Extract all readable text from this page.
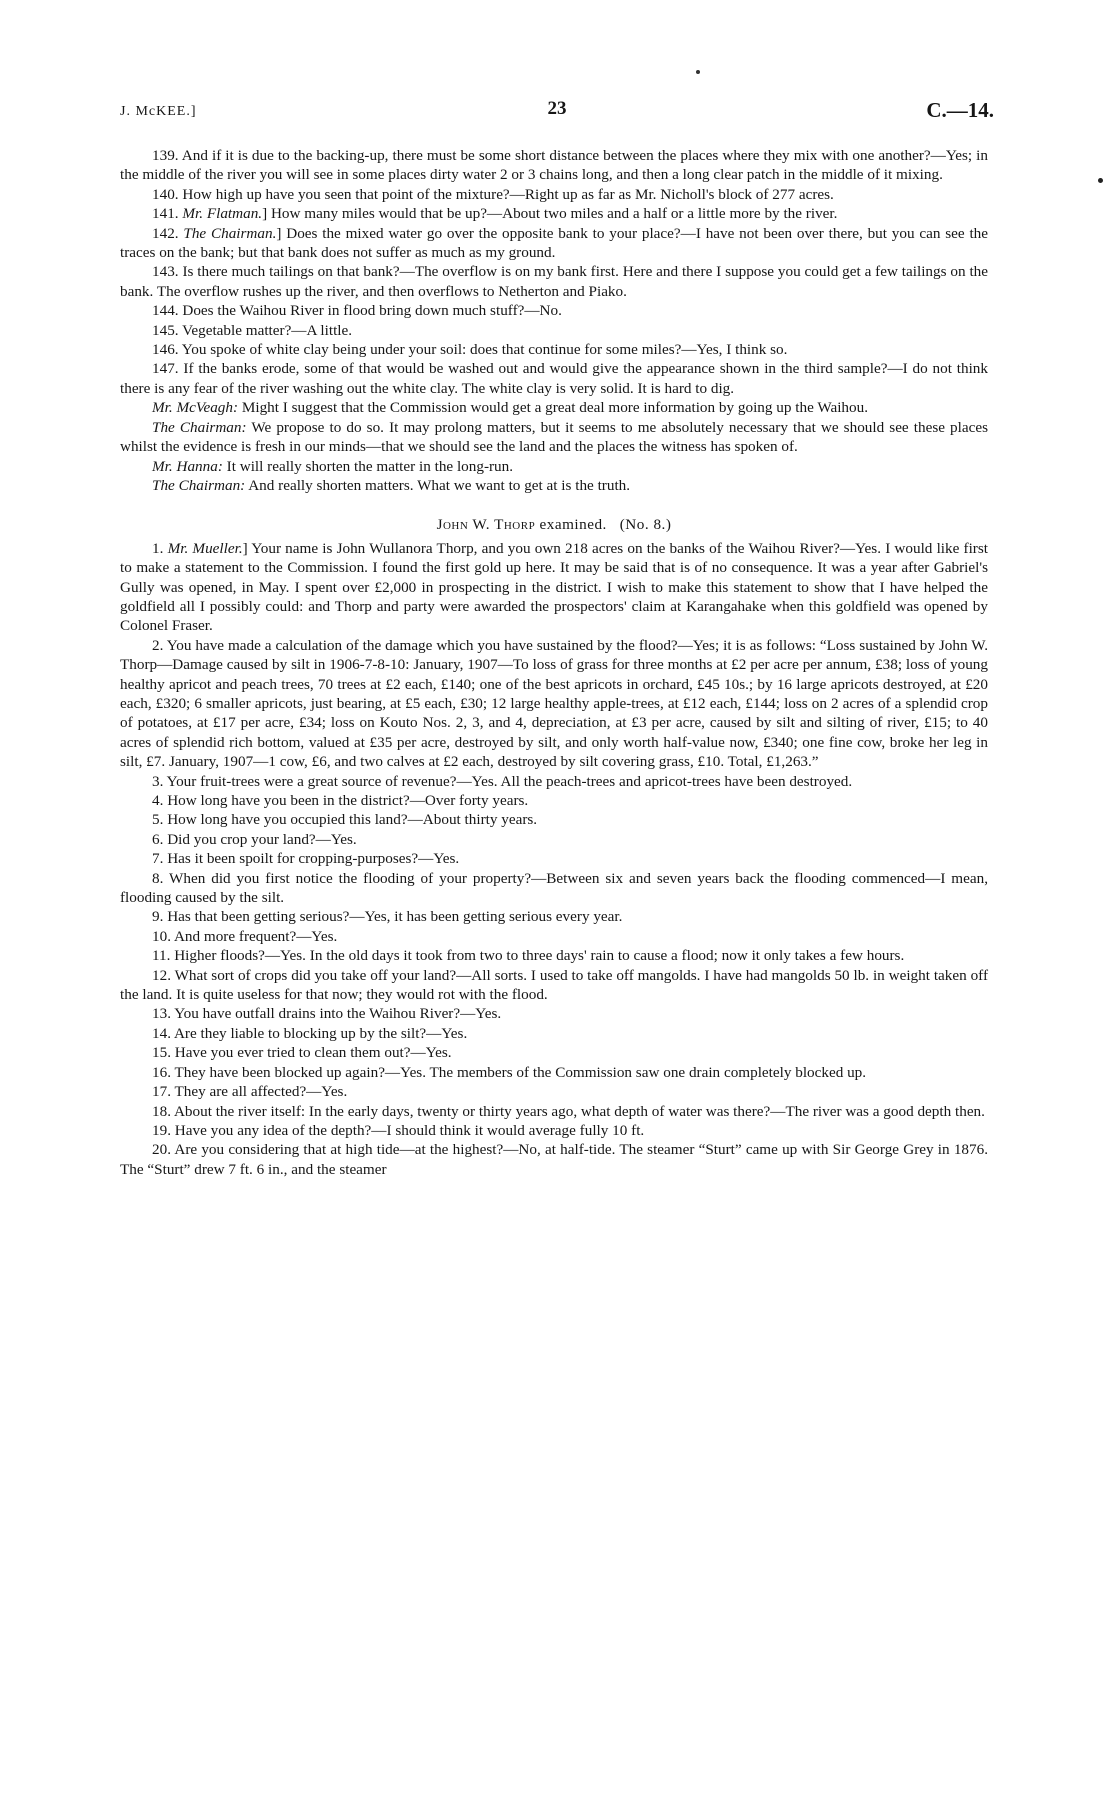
J. McKEE.]	23	C.—14.

139. And if it is due to the backing-up, there must be some short distance between the places where they mix with one another?—Yes; in the middle of the river you will see in some places dirty water 2 or 3 chains long, and then a long clear patch in the middle of it mixing.

140. How high up have you seen that point of the mixture?—Right up as far as Mr. Nicholl's block of 277 acres.

141. Mr. Flatman.] How many miles would that be up?—About two miles and a half or a little more by the river.

142. The Chairman.] Does the mixed water go over the opposite bank to your place?—I have not been over there, but you can see the traces on the bank; but that bank does not suffer as much as my ground.

143. Is there much tailings on that bank?—The overflow is on my bank first. Here and there I suppose you could get a few tailings on the bank. The overflow rushes up the river, and then overflows to Netherton and Piako.

144. Does the Waihou River in flood bring down much stuff?—No.

145. Vegetable matter?—A little.

146. You spoke of white clay being under your soil: does that continue for some miles?—Yes, I think so.

147. If the banks erode, some of that would be washed out and would give the appearance shown in the third sample?—I do not think there is any fear of the river washing out the white clay. The white clay is very solid. It is hard to dig.

Mr. McVeagh: Might I suggest that the Commission would get a great deal more information by going up the Waihou.

The Chairman: We propose to do so. It may prolong matters, but it seems to me absolutely necessary that we should see these places whilst the evidence is fresh in our minds—that we should see the land and the places the witness has spoken of.

Mr. Hanna: It will really shorten the matter in the long-run.

The Chairman: And really shorten matters. What we want to get at is the truth.

John W. Thorp examined. (No. 8.)

1. Mr. Mueller.] Your name is John Wullanora Thorp, and you own 218 acres on the banks of the Waihou River?—Yes. I would like first to make a statement to the Commission. I found the first gold up here. It may be said that is of no consequence. It was a year after Gabriel's Gully was opened, in May. I spent over £2,000 in prospecting in the district. I wish to make this statement to show that I have helped the goldfield all I possibly could: and Thorp and party were awarded the prospectors' claim at Karangahake when this goldfield was opened by Colonel Fraser.

2. You have made a calculation of the damage which you have sustained by the flood?—Yes; it is as follows: “Loss sustained by John W. Thorp—Damage caused by silt in 1906-7-8-10: January, 1907—To loss of grass for three months at £2 per acre per annum, £38; loss of young healthy apricot and peach trees, 70 trees at £2 each, £140; one of the best apricots in orchard, £45 10s.; by 16 large apricots destroyed, at £20 each, £320; 6 smaller apricots, just bearing, at £5 each, £30; 12 large healthy apple-trees, at £12 each, £144; loss on 2 acres of a splendid crop of potatoes, at £17 per acre, £34; loss on Kouto Nos. 2, 3, and 4, depreciation, at £3 per acre, caused by silt and silting of river, £15; to 40 acres of splendid rich bottom, valued at £35 per acre, destroyed by silt, and only worth half-value now, £340; one fine cow, broke her leg in silt, £7. January, 1907—1 cow, £6, and two calves at £2 each, destroyed by silt covering grass, £10. Total, £1,263.”

3. Your fruit-trees were a great source of revenue?—Yes. All the peach-trees and apricot-trees have been destroyed.

4. How long have you been in the district?—Over forty years.

5. How long have you occupied this land?—About thirty years.

6. Did you crop your land?—Yes.

7. Has it been spoilt for cropping-purposes?—Yes.

8. When did you first notice the flooding of your property?—Between six and seven years back the flooding commenced—I mean, flooding caused by the silt.

9. Has that been getting serious?—Yes, it has been getting serious every year.

10. And more frequent?—Yes.

11. Higher floods?—Yes. In the old days it took from two to three days' rain to cause a flood; now it only takes a few hours.

12. What sort of crops did you take off your land?—All sorts. I used to take off mangolds. I have had mangolds 50 lb. in weight taken off the land. It is quite useless for that now; they would rot with the flood.

13. You have outfall drains into the Waihou River?—Yes.

14. Are they liable to blocking up by the silt?—Yes.

15. Have you ever tried to clean them out?—Yes.

16. They have been blocked up again?—Yes. The members of the Commission saw one drain completely blocked up.

17. They are all affected?—Yes.

18. About the river itself: In the early days, twenty or thirty years ago, what depth of water was there?—The river was a good depth then.

19. Have you any idea of the depth?—I should think it would average fully 10 ft.

20. Are you considering that at high tide—at the highest?—No, at half-tide. The steamer “Sturt” came up with Sir George Grey in 1876. The “Sturt” drew 7 ft. 6 in., and the steamer
